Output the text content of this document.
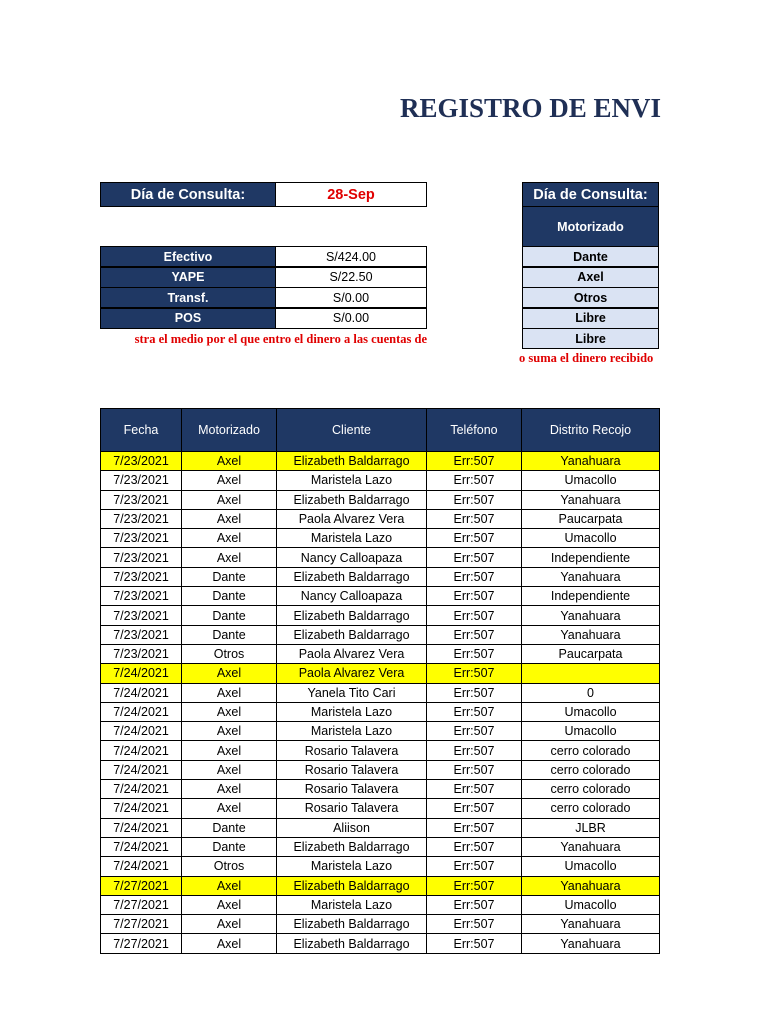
REGISTRO DE ENVI
Día de Consulta:	28-Sep
Efectivo	S/424.00
YAPE	S/22.50
Transf.	S/0.00
POS	S/0.00
stra el medio por el que entro el dinero a las cuentas de
Día de Consulta:
Motorizado
Dante
Axel
Otros
Libre
Libre
o suma el dinero recibido
Fecha	Motorizado	Cliente	Teléfono	Distrito Recojo
7/23/2021	Axel	Elizabeth Baldarrago	Err:507	Yanahuara
7/23/2021	Axel	Maristela Lazo	Err:507	Umacollo
7/23/2021	Axel	Elizabeth Baldarrago	Err:507	Yanahuara
7/23/2021	Axel	Paola Alvarez Vera	Err:507	Paucarpata
7/23/2021	Axel	Maristela Lazo	Err:507	Umacollo
7/23/2021	Axel	Nancy Calloapaza	Err:507	Independiente
7/23/2021	Dante	Elizabeth Baldarrago	Err:507	Yanahuara
7/23/2021	Dante	Nancy Calloapaza	Err:507	Independiente
7/23/2021	Dante	Elizabeth Baldarrago	Err:507	Yanahuara
7/23/2021	Dante	Elizabeth Baldarrago	Err:507	Yanahuara
7/23/2021	Otros	Paola Alvarez Vera	Err:507	Paucarpata
7/24/2021	Axel	Paola Alvarez Vera	Err:507	
7/24/2021	Axel	Yanela Tito Cari	Err:507	0
7/24/2021	Axel	Maristela Lazo	Err:507	Umacollo
7/24/2021	Axel	Maristela Lazo	Err:507	Umacollo
7/24/2021	Axel	Rosario Talavera	Err:507	cerro colorado
7/24/2021	Axel	Rosario Talavera	Err:507	cerro colorado
7/24/2021	Axel	Rosario Talavera	Err:507	cerro colorado
7/24/2021	Axel	Rosario Talavera	Err:507	cerro colorado
7/24/2021	Dante	Aliison	Err:507	JLBR
7/24/2021	Dante	Elizabeth Baldarrago	Err:507	Yanahuara
7/24/2021	Otros	Maristela Lazo	Err:507	Umacollo
7/27/2021	Axel	Elizabeth Baldarrago	Err:507	Yanahuara
7/27/2021	Axel	Maristela Lazo	Err:507	Umacollo
7/27/2021	Axel	Elizabeth Baldarrago	Err:507	Yanahuara
7/27/2021	Axel	Elizabeth Baldarrago	Err:507	Yanahuara
